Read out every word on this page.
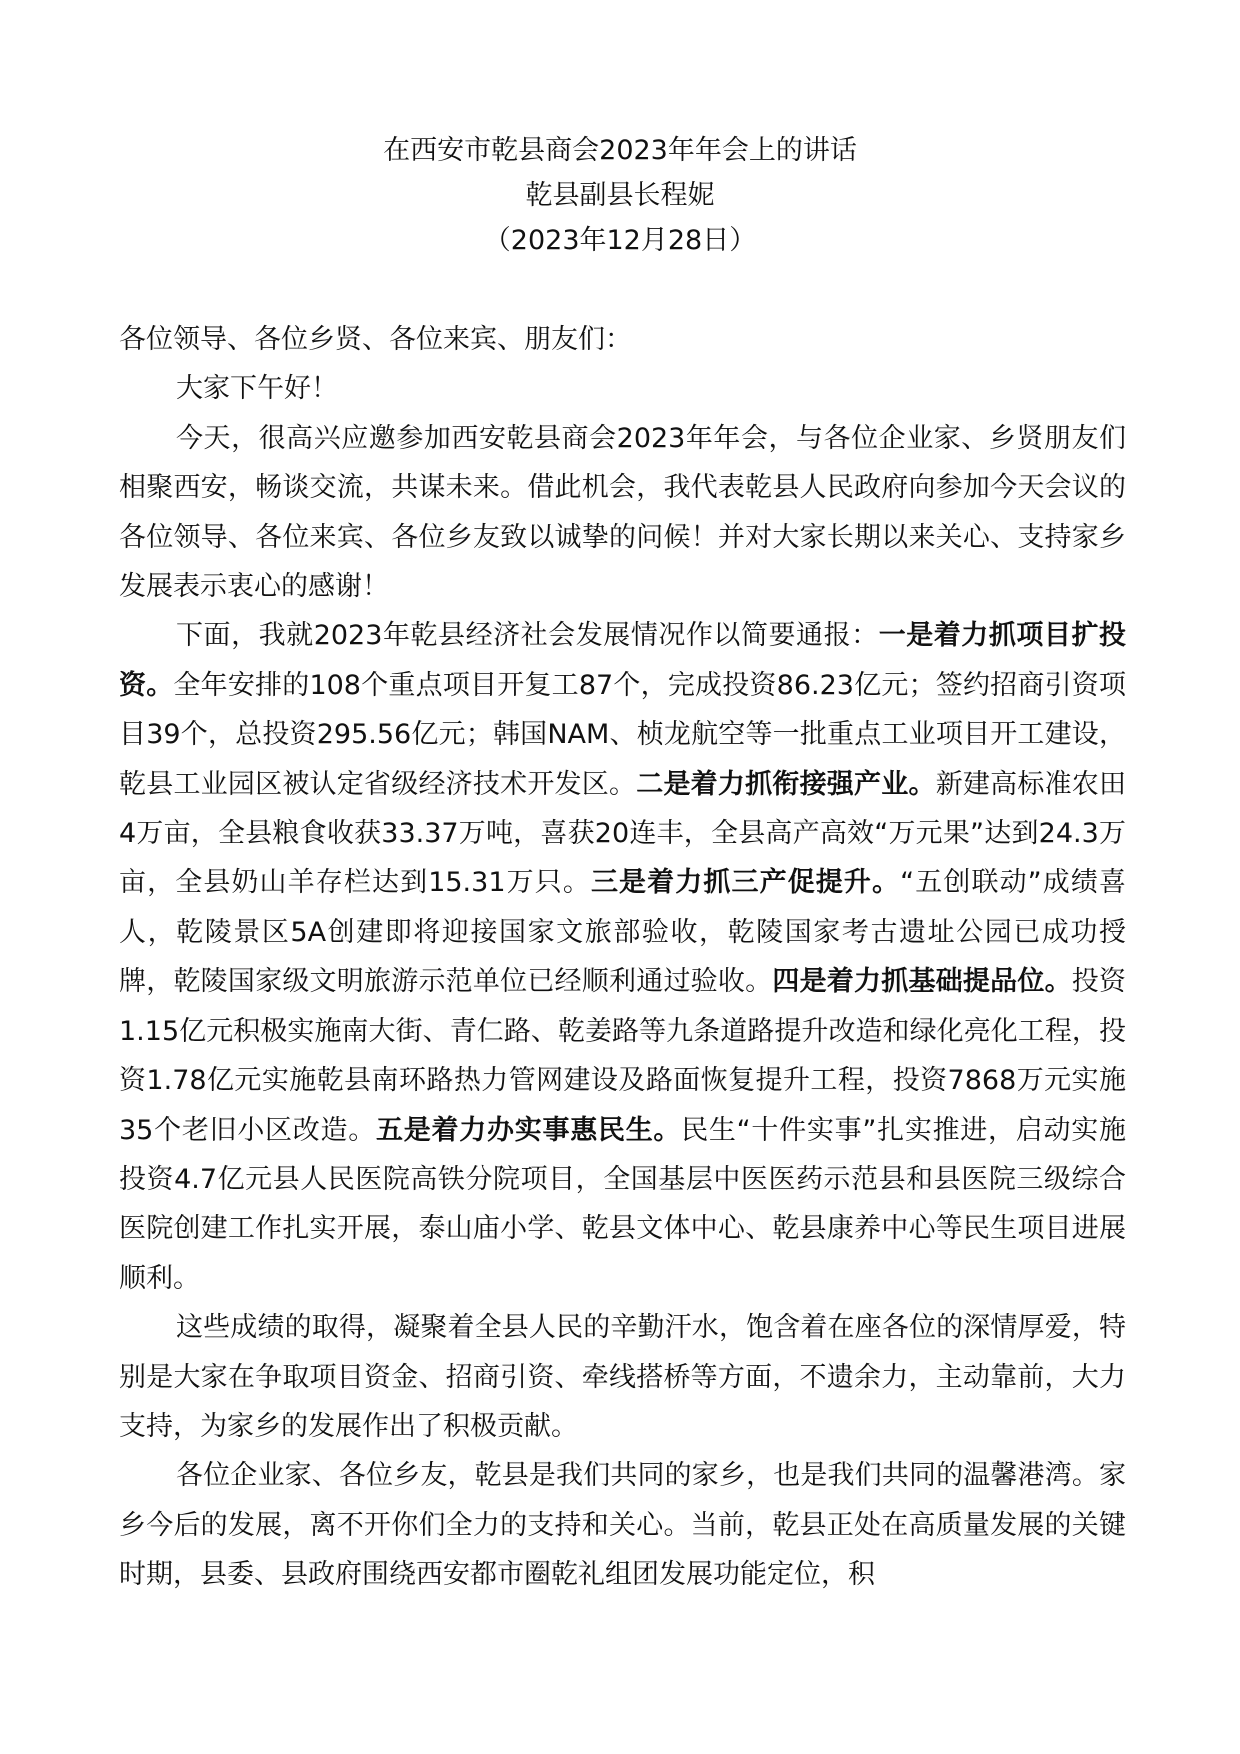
在西安市乾县商会2023年年会上的讲话
乾县副县长程妮
（2023年12月28日）

各位领导、各位乡贤、各位来宾、朋友们：

大家下午好！

今天，很高兴应邀参加西安乾县商会2023年年会，与各位企业家、乡贤朋友们相聚西安，畅谈交流，共谋未来。借此机会，我代表乾县人民政府向参加今天会议的各位领导、各位来宾、各位乡友致以诚挚的问候！并对大家长期以来关心、支持家乡发展表示衷心的感谢！

下面，我就2023年乾县经济社会发展情况作以简要通报：一是着力抓项目扩投资。全年安排的108个重点项目开复工87个，完成投资86.23亿元；签约招商引资项目39个，总投资295.56亿元；韩国NAM、桢龙航空等一批重点工业项目开工建设，乾县工业园区被认定省级经济技术开发区。二是着力抓衔接强产业。新建高标准农田4万亩，全县粮食收获33.37万吨，喜获20连丰，全县高产高效“万元果”达到24.3万亩，全县奶山羊存栏达到15.31万只。三是着力抓三产促提升。“五创联动”成绩喜人，乾陵景区5A创建即将迎接国家文旅部验收，乾陵国家考古遗址公园已成功授牌，乾陵国家级文明旅游示范单位已经顺利通过验收。四是着力抓基础提品位。投资1.15亿元积极实施南大街、青仁路、乾姜路等九条道路提升改造和绿化亮化工程，投资1.78亿元实施乾县南环路热力管网建设及路面恢复提升工程，投资7868万元实施35个老旧小区改造。五是着力办实事惠民生。民生“十件实事”扎实推进，启动实施投资4.7亿元县人民医院高铁分院项目，全国基层中医医药示范县和县医院三级综合医院创建工作扎实开展，泰山庙小学、乾县文体中心、乾县康养中心等民生项目进展顺利。

这些成绩的取得，凝聚着全县人民的辛勤汗水，饱含着在座各位的深情厚爱，特别是大家在争取项目资金、招商引资、牵线搭桥等方面，不遗余力，主动靠前，大力支持，为家乡的发展作出了积极贡献。

各位企业家、各位乡友，乾县是我们共同的家乡，也是我们共同的温馨港湾。家乡今后的发展，离不开你们全力的支持和关心。当前，乾县正处在高质量发展的关键时期，县委、县政府围绕西安都市圈乾礼组团发展功能定位，积
